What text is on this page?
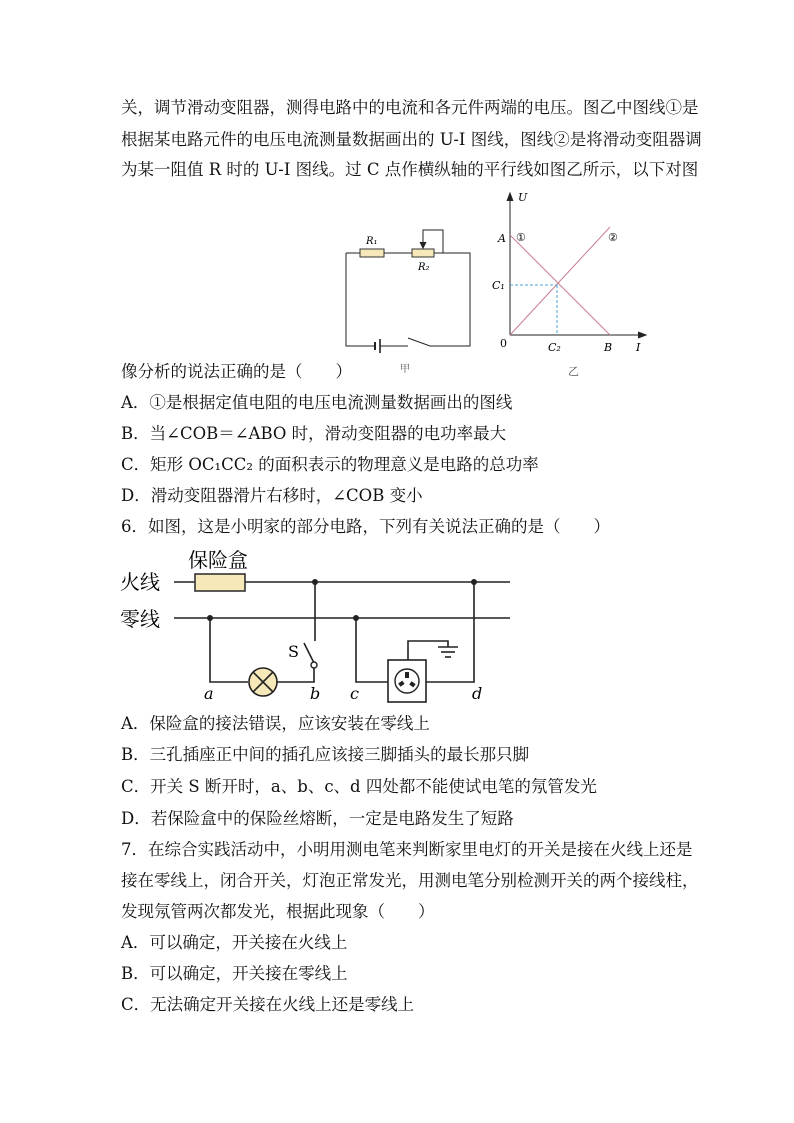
关，调节滑动变阻器，测得电路中的电流和各元件两端的电压。图乙中图线①是
根据某电路元件的电压电流测量数据画出的 U-I 图线，图线②是将滑动变阻器调
为某一阻值 R 时的 U-I 图线。过 C 点作横纵轴的平行线如图乙所示，以下对图
R₁
R₂
甲
U
I
A
C₁
0	C₂	B
①	②
乙
像分析的说法正确的是（　　）
A．①是根据定值电阻的电压电流测量数据画出的图线
B．当∠COB＝∠ABO 时，滑动变阻器的电功率最大
C．矩形 OC₁CC₂ 的面积表示的物理意义是电路的总功率
D．滑动变阻器滑片右移时，∠COB 变小
6．如图，这是小明家的部分电路，下列有关说法正确的是（　　）
保险盒
火线
零线
S
a	b c	d
A．保险盒的接法错误，应该安装在零线上
B．三孔插座正中间的插孔应该接三脚插头的最长那只脚
C．开关 S 断开时，a、b、c、d 四处都不能使试电笔的氖管发光
D．若保险盒中的保险丝熔断，一定是电路发生了短路
7．在综合实践活动中，小明用测电笔来判断家里电灯的开关是接在火线上还是
接在零线上，闭合开关，灯泡正常发光，用测电笔分别检测开关的两个接线柱，
发现氖管两次都发光，根据此现象（　　）
A．可以确定，开关接在火线上
B．可以确定，开关接在零线上
C．无法确定开关接在火线上还是零线上
